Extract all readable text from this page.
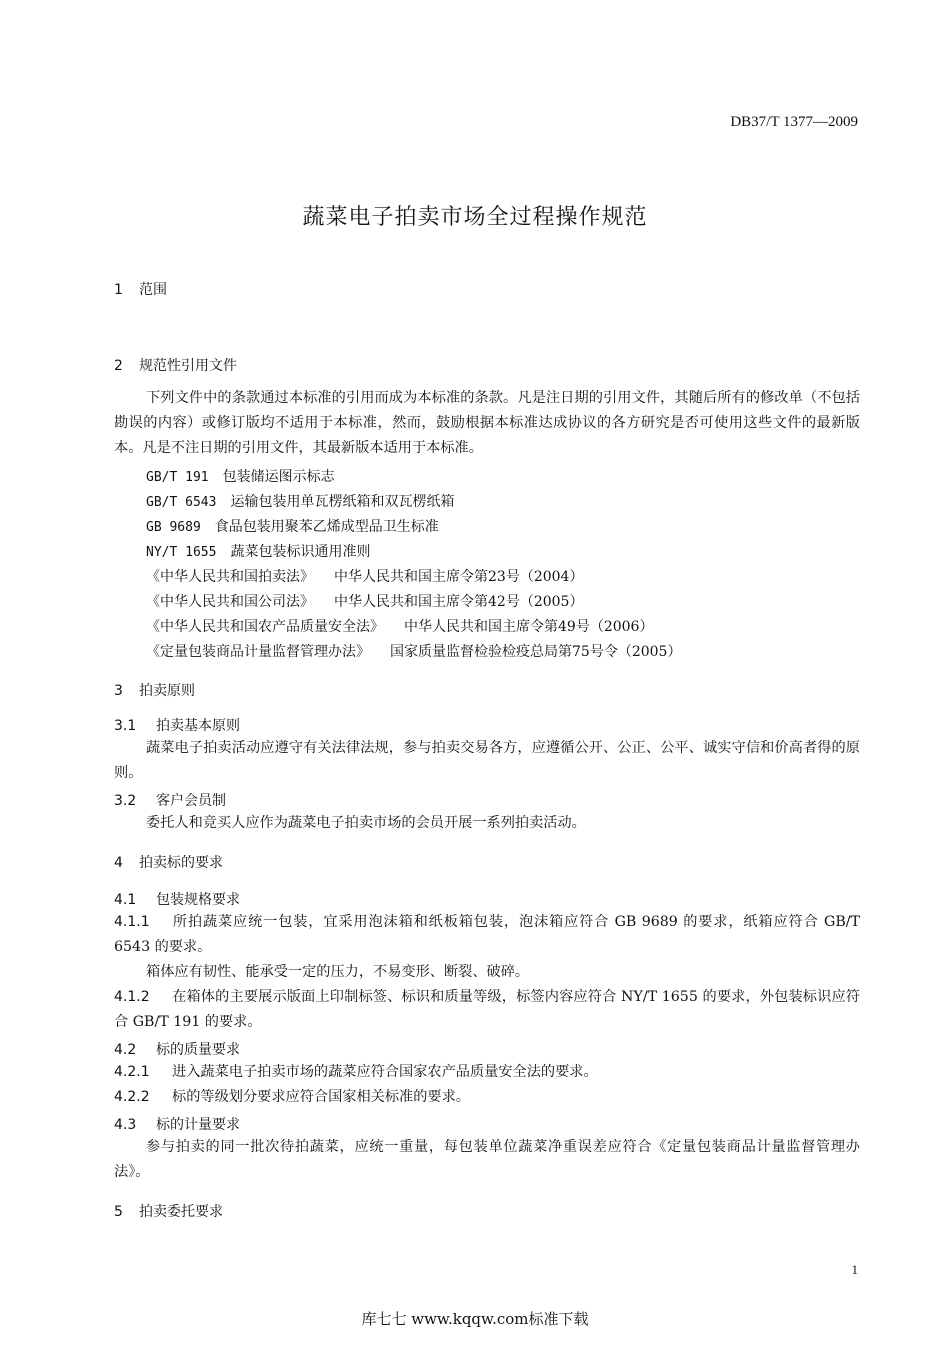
DB37/T 1377—2009
蔬菜电子拍卖市场全过程操作规范
1 范围
2 规范性引用文件

下列文件中的条款通过本标准的引用而成为本标准的条款。凡是注日期的引用文件，其随后所有的修改单（不包括勘误的内容）或修订版均不适用于本标准，然而，鼓励根据本标准达成协议的各方研究是否可使用这些文件的最新版本。凡是不注日期的引用文件，其最新版本适用于本标准。

GB/T 191 包装储运图示标志
GB/T 6543 运输包装用单瓦楞纸箱和双瓦楞纸箱
GB 9689 食品包装用聚苯乙烯成型品卫生标准
NY/T 1655 蔬菜包装标识通用准则
《中华人民共和国拍卖法》 中华人民共和国主席令第23号（2004）
《中华人民共和国公司法》 中华人民共和国主席令第42号（2005）
《中华人民共和国农产品质量安全法》 中华人民共和国主席令第49号（2006）
《定量包装商品计量监督管理办法》 国家质量监督检验检疫总局第75号令（2005）
3 拍卖原则
3.1 拍卖基本原则

蔬菜电子拍卖活动应遵守有关法律法规，参与拍卖交易各方，应遵循公开、公正、公平、诚实守信和价高者得的原则。

3.2 客户会员制

委托人和竞买人应作为蔬菜电子拍卖市场的会员开展一系列拍卖活动。

4 拍卖标的要求
4.1 包装规格要求

4.1.1 所拍蔬菜应统一包装，宜采用泡沫箱和纸板箱包装，泡沫箱应符合 GB 9689 的要求，纸箱应符合 GB/T 6543 的要求。

箱体应有韧性、能承受一定的压力，不易变形、断裂、破碎。

4.1.2 在箱体的主要展示版面上印制标签、标识和质量等级，标签内容应符合 NY/T 1655 的要求，外包装标识应符合 GB/T 191 的要求。

4.2 标的质量要求

4.2.1 进入蔬菜电子拍卖市场的蔬菜应符合国家农产品质量安全法的要求。

4.2.2 标的等级划分要求应符合国家相关标准的要求。

4.3 标的计量要求

参与拍卖的同一批次待拍蔬菜，应统一重量，每包装单位蔬菜净重误差应符合《定量包装商品计量监督管理办法》。

5 拍卖委托要求
1
库七七 www.kqqw.com标准下载
